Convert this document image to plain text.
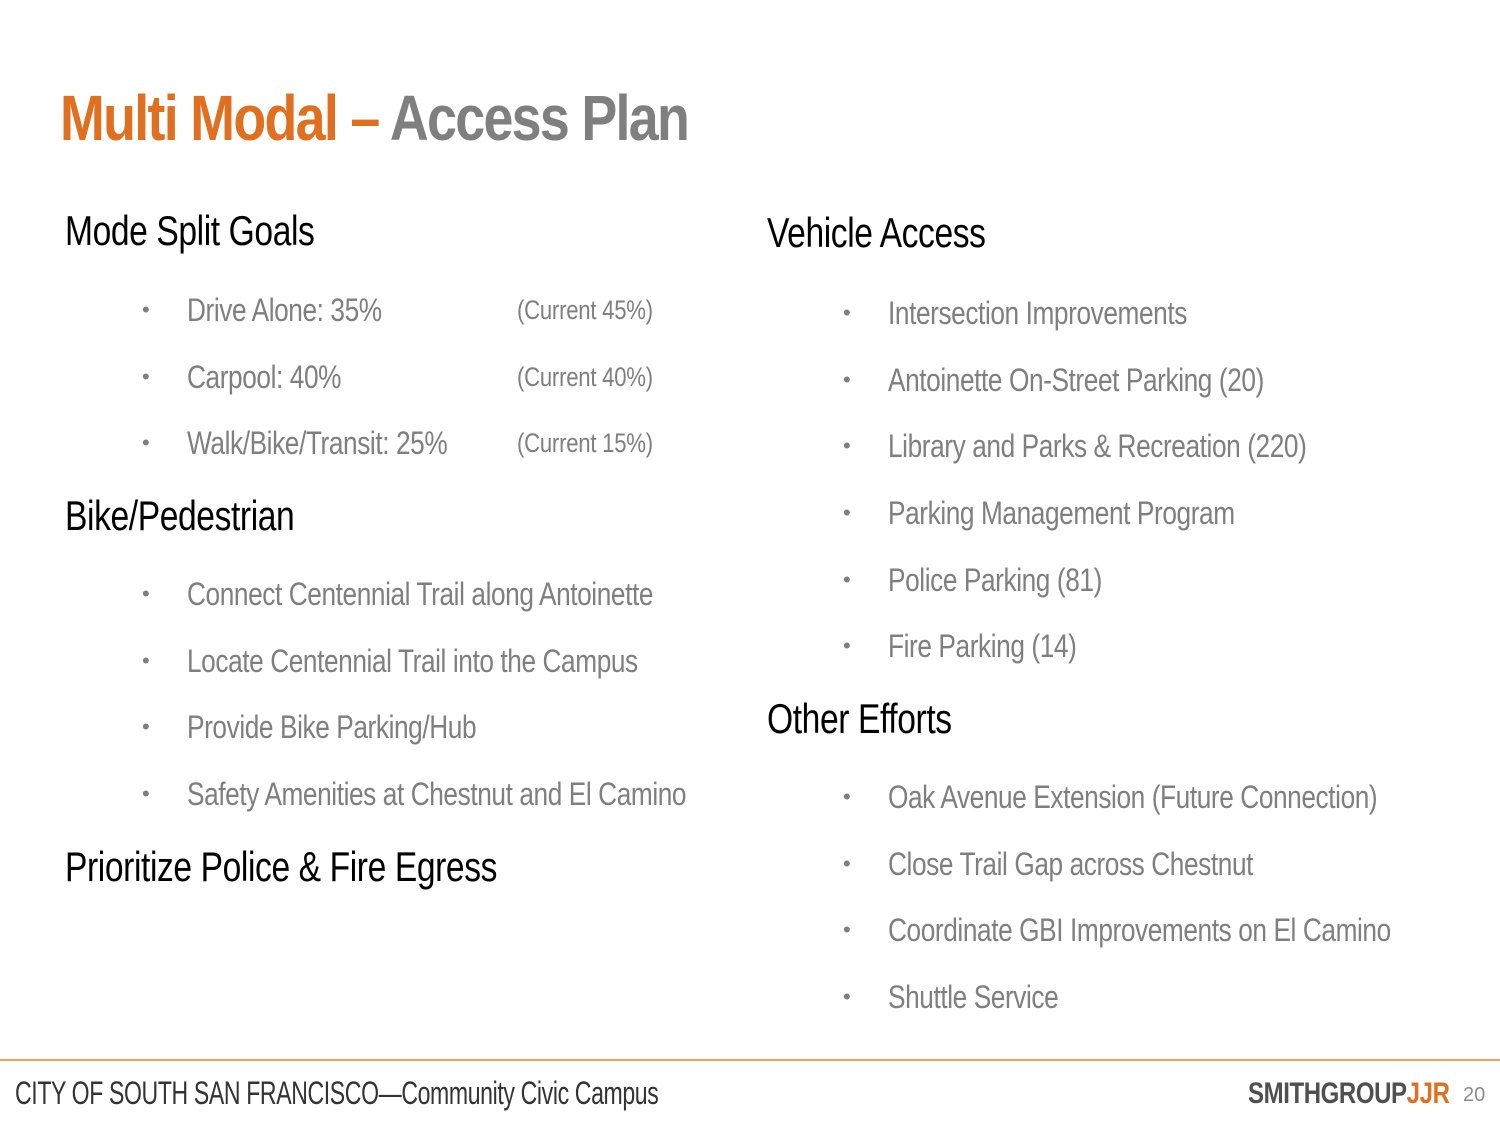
Multi Modal – Access Plan
Mode Split Goals
• Drive Alone: 35%	(Current 45%)
• Carpool: 40%	(Current 40%)
• Walk/Bike/Transit: 25%	(Current 15%)
Bike/Pedestrian
• Connect Centennial Trail along Antoinette
• Locate Centennial Trail into the Campus
• Provide Bike Parking/Hub
• Safety Amenities at Chestnut and El Camino
Prioritize Police & Fire Egress
Vehicle Access
• Intersection Improvements
• Antoinette On-Street Parking (20)
• Library and Parks & Recreation (220)
• Parking Management Program
• Police Parking (81)
• Fire Parking (14)
Other Efforts
• Oak Avenue Extension (Future Connection)
• Close Trail Gap across Chestnut
• Coordinate GBI Improvements on El Camino
• Shuttle Service
CITY OF SOUTH SAN FRANCISCO—Community Civic Campus	SMITHGROUPJJR 20
